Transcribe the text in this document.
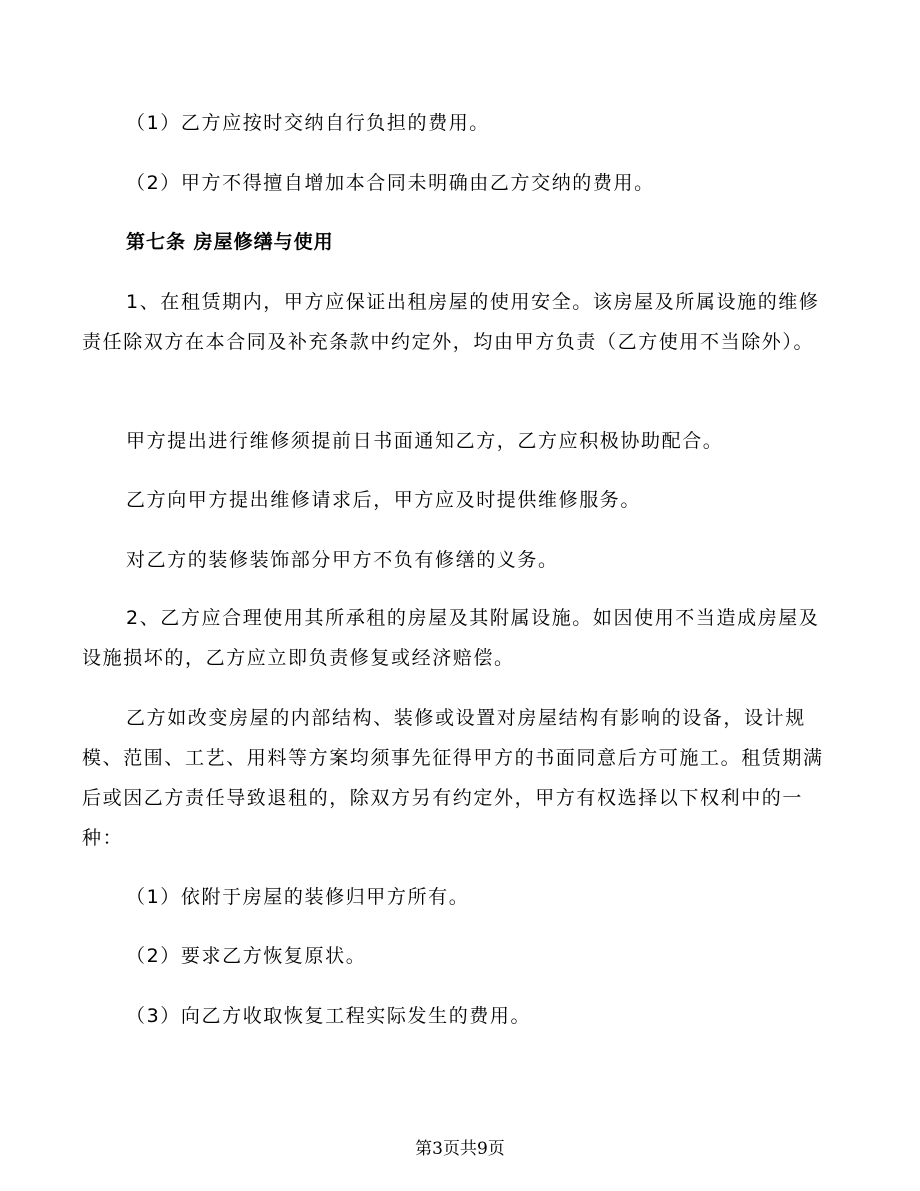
（1）乙方应按时交纳自行负担的费用。

（2）甲方不得擅自增加本合同未明确由乙方交纳的费用。

第七条 房屋修缮与使用

1、在租赁期内，甲方应保证出租房屋的使用安全。该房屋及所属设施的维修责任除双方在本合同及补充条款中约定外，均由甲方负责（乙方使用不当除外）。

甲方提出进行维修须提前日书面通知乙方，乙方应积极协助配合。

乙方向甲方提出维修请求后，甲方应及时提供维修服务。

对乙方的装修装饰部分甲方不负有修缮的义务。

2、乙方应合理使用其所承租的房屋及其附属设施。如因使用不当造成房屋及设施损坏的，乙方应立即负责修复或经济赔偿。

乙方如改变房屋的内部结构、装修或设置对房屋结构有影响的设备，设计规模、范围、工艺、用料等方案均须事先征得甲方的书面同意后方可施工。租赁期满后或因乙方责任导致退租的，除双方另有约定外，甲方有权选择以下权利中的一种：

（1）依附于房屋的装修归甲方所有。

（2）要求乙方恢复原状。

（3）向乙方收取恢复工程实际发生的费用。

第3页共9页
